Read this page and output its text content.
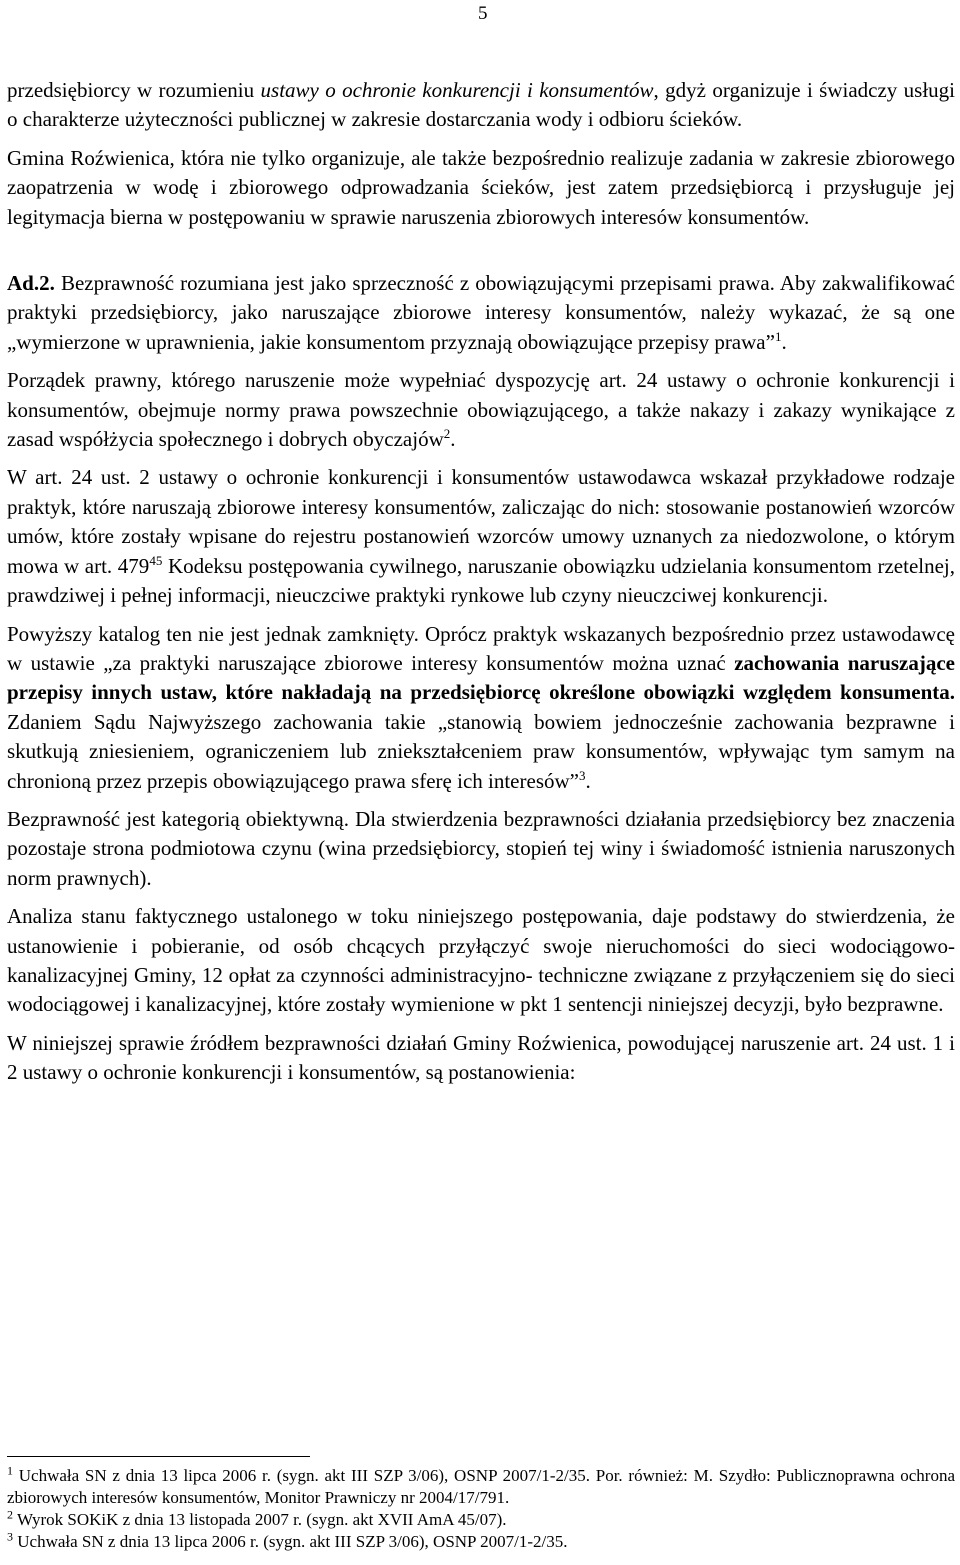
5

przedsiębiorcy w rozumieniu ustawy o ochronie konkurencji i konsumentów, gdyż organizuje i świadczy usługi o charakterze użyteczności publicznej w zakresie dostarczania wody i odbioru ścieków.

Gmina Roźwienica, która nie tylko organizuje, ale także bezpośrednio realizuje zadania w zakresie zbiorowego zaopatrzenia w wodę i zbiorowego odprowadzania ścieków, jest zatem przedsiębiorcą i przysługuje jej legitymacja bierna w postępowaniu w sprawie naruszenia zbiorowych interesów konsumentów.

Ad.2. Bezprawność rozumiana jest jako sprzeczność z obowiązującymi przepisami prawa. Aby zakwalifikować praktyki przedsiębiorcy, jako naruszające zbiorowe interesy konsumentów, należy wykazać, że są one „wymierzone w uprawnienia, jakie konsumentom przyznają obowiązujące przepisy prawa”$^1$.

Porządek prawny, którego naruszenie może wypełniać dyspozycję art. 24 ustawy o ochronie konkurencji i konsumentów, obejmuje normy prawa powszechnie obowiązującego, a także nakazy i zakazy wynikające z zasad współżycia społecznego i dobrych obyczajów$^2$.

W art. 24 ust. 2 ustawy o ochronie konkurencji i konsumentów ustawodawca wskazał przykładowe rodzaje praktyk, które naruszają zbiorowe interesy konsumentów, zaliczając do nich: stosowanie postanowień wzorców umów, które zostały wpisane do rejestru postanowień wzorców umowy uznanych za niedozwolone, o którym mowa w art. $479^{45}$ Kodeksu postępowania cywilnego, naruszanie obowiązku udzielania konsumentom rzetelnej, prawdziwej i pełnej informacji, nieuczciwe praktyki rynkowe lub czyny nieuczciwej konkurencji.

Powyższy katalog ten nie jest jednak zamknięty. Oprócz praktyk wskazanych bezpośrednio przez ustawodawcę w ustawie „za praktyki naruszające zbiorowe interesy konsumentów można uznać zachowania naruszające przepisy innych ustaw, które nakładają na przedsiębiorcę określone obowiązki względem konsumenta. Zdaniem Sądu Najwyższego zachowania takie „stanowią bowiem jednocześnie zachowania bezprawne i skutkują zniesieniem, ograniczeniem lub zniekształceniem praw konsumentów, wpływając tym samym na chronioną przez przepis obowiązującego prawa sferę ich interesów”$^3$.

Bezprawność jest kategorią obiektywną. Dla stwierdzenia bezprawności działania przedsiębiorcy bez znaczenia pozostaje strona podmiotowa czynu (wina przedsiębiorcy, stopień tej winy i świadomość istnienia naruszonych norm prawnych).

Analiza stanu faktycznego ustalonego w toku niniejszego postępowania, daje podstawy do stwierdzenia, że ustanowienie i pobieranie, od osób chcących przyłączyć swoje nieruchomości do sieci wodociągowo-kanalizacyjnej Gminy, 12 opłat za czynności administracyjno- techniczne związane z przyłączeniem się do sieci wodociągowej i kanalizacyjnej, które zostały wymienione w pkt 1 sentencji niniejszej decyzji, było bezprawne.

W niniejszej sprawie źródłem bezprawności działań Gminy Roźwienica, powodującej naruszenie art. 24 ust. 1 i 2 ustawy o ochronie konkurencji i konsumentów, są postanowienia:

$^1$ Uchwała SN z dnia 13 lipca 2006 r. (sygn. akt III SZP 3/06), OSNP 2007/1-2/35. Por. również: M. Szydło: Publicznoprawna ochrona zbiorowych interesów konsumentów, Monitor Prawniczy nr 2004/17/791.

$^2$ Wyrok SOKiK z dnia 13 listopada 2007 r. (sygn. akt XVII AmA 45/07).

$^3$ Uchwała SN z dnia 13 lipca 2006 r. (sygn. akt III SZP 3/06), OSNP 2007/1-2/35.
